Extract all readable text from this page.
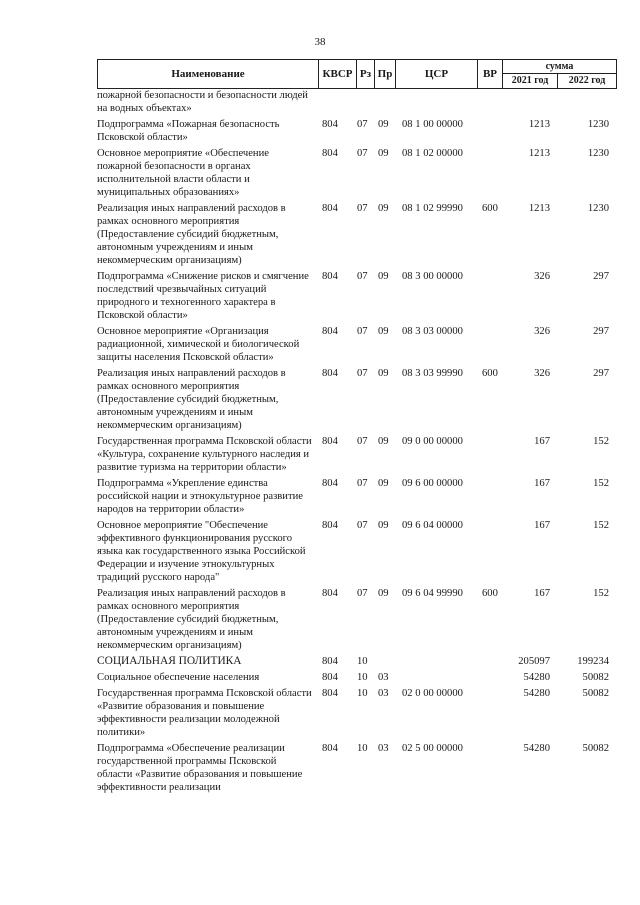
38
Наименование	КВСР Рз Пр	ЦСР	ВР
сумма
2021 год	2022 год
пожарной безопасности и безопасности людей на водных объектах»
Подпрограмма «Пожарная безопасность Псковской области»
804 07 09 08 1 00 00000	1213	1230
Основное мероприятие «Обеспечение пожарной безопасности в органах исполнительной власти области и муниципальных образованиях»
804 07 09 08 1 02 00000	1213	1230
Реализация иных направлений расходов в рамках основного мероприятия (Предоставление субсидий бюджетным, автономным учреждениям и иным некоммерческим организациям)
804 07 09 08 1 02 99990 600	1213	1230
Подпрограмма «Снижение рисков и смягчение последствий чрезвычайных ситуаций природного и техногенного характера в Псковской области»
804 07 09 08 3 00 00000	326	297
Основное мероприятие «Организация радиационной, химической и биологической защиты населения Псковской области»
804 07 09 08 3 03 00000	326	297
Реализация иных направлений расходов в рамках основного мероприятия (Предоставление субсидий бюджетным, автономным учреждениям и иным некоммерческим организациям)
804 07 09 08 3 03 99990 600	326	297
Государственная программа Псковской области «Культура, сохранение культурного наследия и развитие туризма на территории области»
804 07 09 09 0 00 00000	167	152
Подпрограмма «Укрепление единства российской нации и этнокультурное развитие народов на территории области»
804 07 09 09 6 00 00000	167	152
Основное мероприятие "Обеспечение эффективного функционирования русского языка как государственного языка Российской Федерации и изучение этнокультурных традиций русского народа"
804 07 09 09 6 04 00000	167	152
Реализация иных направлений расходов в рамках основного мероприятия (Предоставление субсидий бюджетным, автономным учреждениям и иным некоммерческим организациям)
804 07 09 09 6 04 99990 600	167	152
СОЦИАЛЬНАЯ ПОЛИТИКА	804 10	205097	199234
Социальное обеспечение населения	804 10 03	54280	50082
Государственная программа Псковской области «Развитие образования и повышение эффективности реализации молодежной политики»
804 10 03 02 0 00 00000	54280	50082
Подпрограмма «Обеспечение реализации государственной программы Псковской области «Развитие образования и повышение эффективности реализации
804 10 03 02 5 00 00000	54280	50082
